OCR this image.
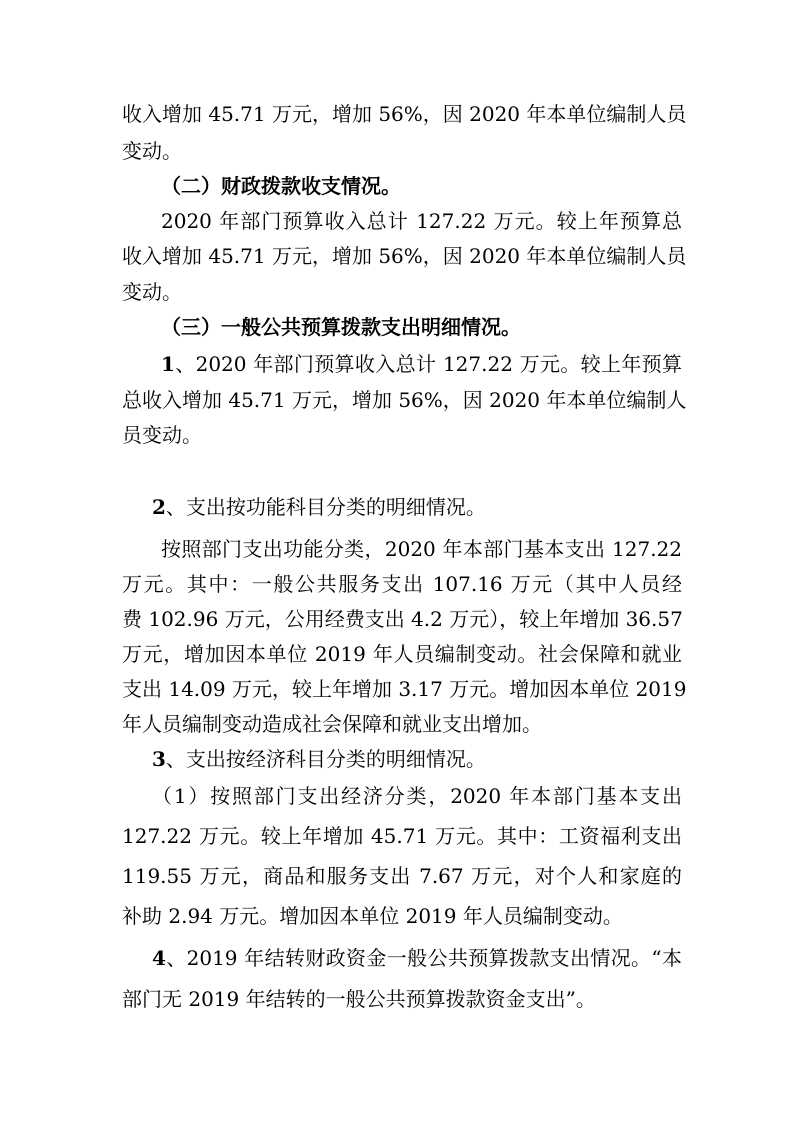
收入增加 45.71 万元，增加 56%，因 2020 年本单位编制人员
变动。
（二）财政拨款收支情况。
2020 年部门预算收入总计 127.22 万元。较上年预算总
收入增加 45.71 万元，增加 56%，因 2020 年本单位编制人员
变动。
（三）一般公共预算拨款支出明细情况。
1、2020 年部门预算收入总计 127.22 万元。较上年预算
总收入增加 45.71 万元，增加 56%，因 2020 年本单位编制人
员变动。
2、支出按功能科目分类的明细情况。
按照部门支出功能分类，2020 年本部门基本支出 127.22
万元。其中：一般公共服务支出 107.16 万元（其中人员经
费 102.96 万元，公用经费支出 4.2 万元），较上年增加 36.57
万元，增加因本单位 2019 年人员编制变动。社会保障和就业
支出 14.09 万元，较上年增加 3.17 万元。增加因本单位 2019
年人员编制变动造成社会保障和就业支出增加。
3、支出按经济科目分类的明细情况。
（1）按照部门支出经济分类，2020 年本部门基本支出
127.22 万元。较上年增加 45.71 万元。其中：工资福利支出
119.55 万元，商品和服务支出 7.67 万元，对个人和家庭的
补助 2.94 万元。增加因本单位 2019 年人员编制变动。
4、2019 年结转财政资金一般公共预算拨款支出情况。“本
部门无 2019 年结转的一般公共预算拨款资金支出”。
